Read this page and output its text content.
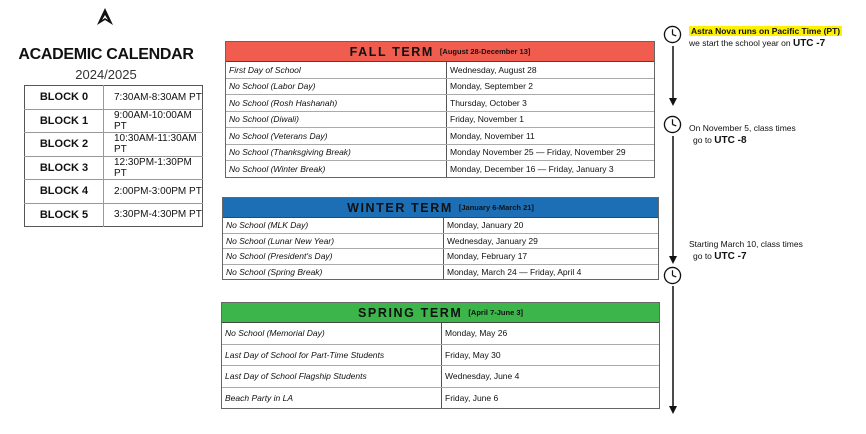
ACADEMIC CALENDAR
2024/2025
BLOCK 0	7:30AM-8:30AM PT
BLOCK 1	9:00AM-10:00AM PT
BLOCK 2	10:30AM-11:30AM PT
BLOCK 3	12:30PM-1:30PM PT
BLOCK 4	2:00PM-3:00PM PT
BLOCK 5	3:30PM-4:30PM PT
FALL TERM [August 28-December 13]
First Day of School	Wednesday, August 28
No School (Labor Day)	Monday, September 2
No School (Rosh Hashanah)	Thursday, October 3
No School (Diwali)	Friday, November 1
No School (Veterans Day)	Monday, November 11
No School (Thanksgiving Break)	Monday November 25 — Friday, November 29
No School (Winter Break)	Monday, December 16 — Friday, January 3
WINTER TERM [January 6-March 21]
No School (MLK Day)	Monday, January 20
No School (Lunar New Year)	Wednesday, January 29
No School (President's Day)	Monday, February 17
No School (Spring Break)	Monday, March 24 — Friday, April 4
SPRING TERM [April 7-June 3]
No School (Memorial Day)	Monday, May 26
Last Day of School for Part-Time Students	Friday, May 30
Last Day of School Flagship Students	Wednesday, June 4
Beach Party in LA	Friday, June 6
Astra Nova runs on Pacific Time (PT)
we start the school year on UTC -7
On November 5, class times
go to UTC -8
Starting March 10, class times
go to UTC -7
